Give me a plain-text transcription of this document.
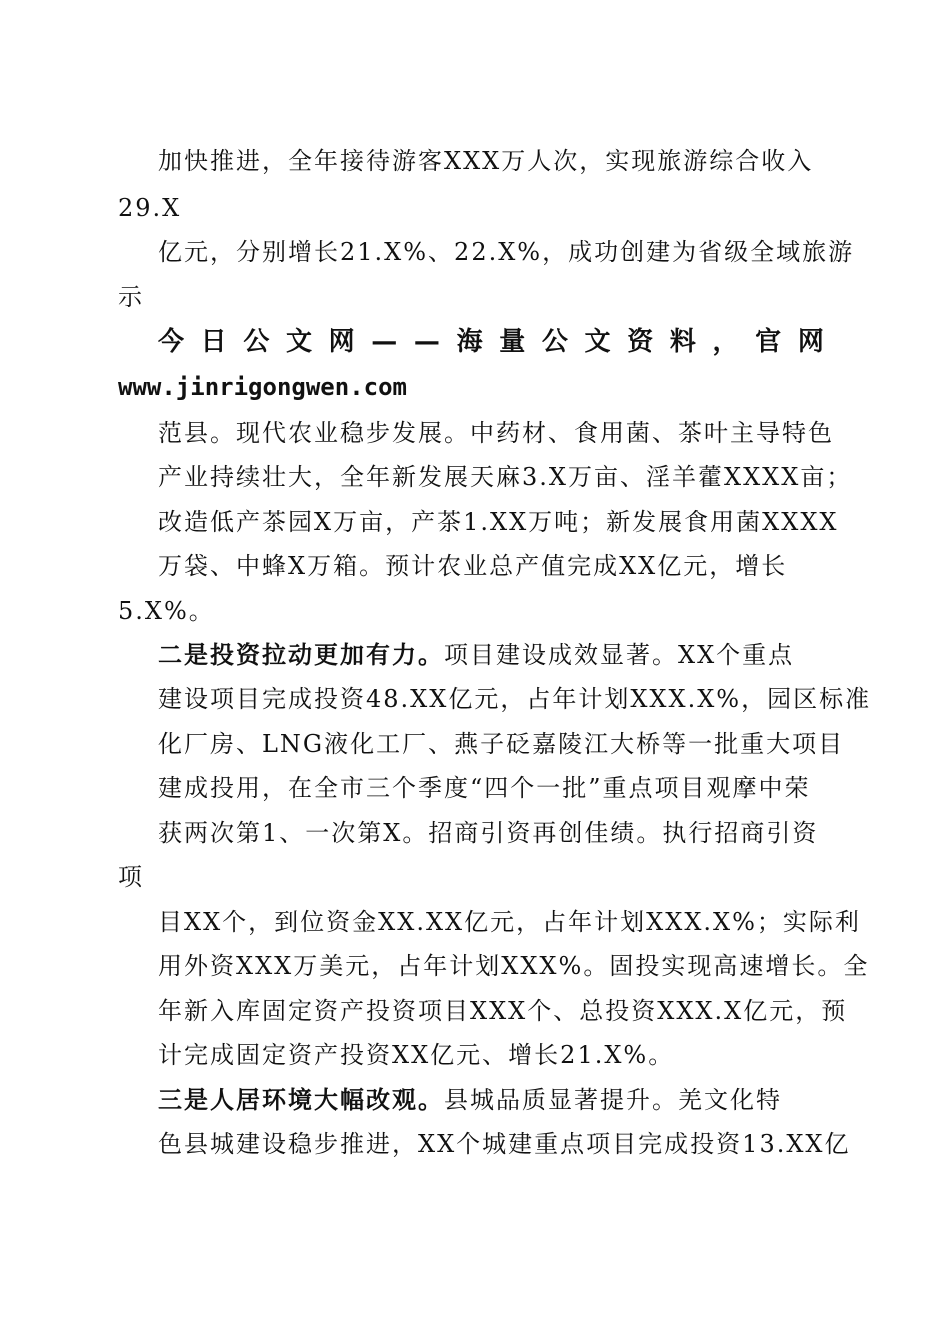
加快推进，全年接待游客XXX万人次，实现旅游综合收入
29.X
亿元，分别增长21.X%、22.X%，成功创建为省级全域旅游
示
今 日 公 文 网 — — 海 量 公 文 资 料 ， 官 网
www.jinrigongwen.com
范县。现代农业稳步发展。中药材、食用菌、茶叶主导特色
产业持续壮大，全年新发展天麻3.X万亩、淫羊藿XXXX亩；
改造低产茶园X万亩，产茶1.XX万吨；新发展食用菌XXXX
万袋、中蜂X万箱。预计农业总产值完成XX亿元，增长
5.X%。
二是投资拉动更加有力。项目建设成效显著。XX个重点
建设项目完成投资48.XX亿元，占年计划XXX.X%，园区标准
化厂房、LNG液化工厂、燕子砭嘉陵江大桥等一批重大项目
建成投用，在全市三个季度“四个一批”重点项目观摩中荣
获两次第1、一次第X。招商引资再创佳绩。执行招商引资
项
目XX个，到位资金XX.XX亿元，占年计划XXX.X%；实际利
用外资XXX万美元，占年计划XXX%。固投实现高速增长。全
年新入库固定资产投资项目XXX个、总投资XXX.X亿元，预
计完成固定资产投资XX亿元、增长21.X%。
三是人居环境大幅改观。县城品质显著提升。羌文化特
色县城建设稳步推进，XX个城建重点项目完成投资13.XX亿
